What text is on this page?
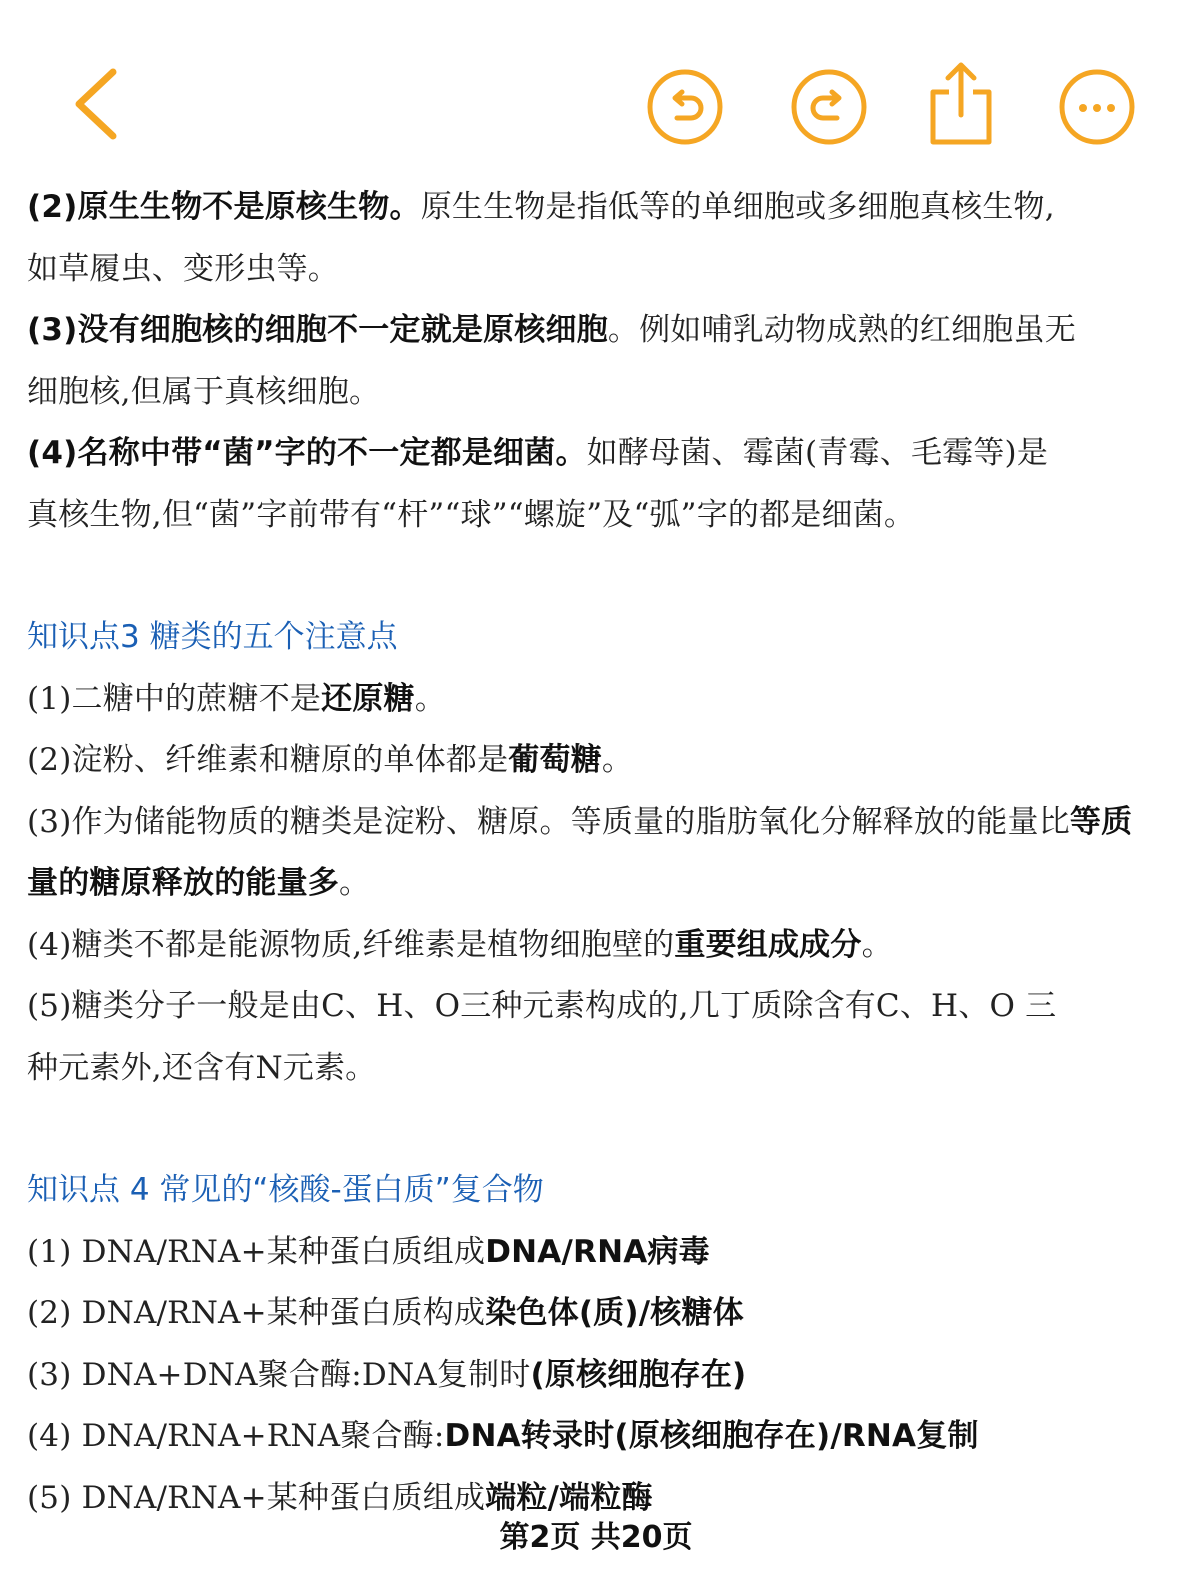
(2)原生生物不是原核生物。原生生物是指低等的单细胞或多细胞真核生物,
如草履虫、变形虫等。
(3)没有细胞核的细胞不一定就是原核细胞。例如哺乳动物成熟的红细胞虽无
细胞核,但属于真核细胞。
(4)名称中带“菌”字的不一定都是细菌。如酵母菌、霉菌(青霉、毛霉等)是
真核生物,但“菌”字前带有“杆”“球”“螺旋”及“弧”字的都是细菌。
知识点3 糖类的五个注意点
(1)二糖中的蔗糖不是还原糖。
(2)淀粉、纤维素和糖原的单体都是葡萄糖。
(3)作为储能物质的糖类是淀粉、糖原。等质量的脂肪氧化分解释放的能量比等质
量的糖原释放的能量多。
(4)糖类不都是能源物质,纤维素是植物细胞壁的重要组成成分。
(5)糖类分子一般是由C、H、O三种元素构成的,几丁质除含有C、H、O 三
种元素外,还含有N元素。
知识点 4 常见的“核酸-蛋白质”复合物
(1) DNA/RNA+某种蛋白质组成DNA/RNA病毒
(2) DNA/RNA+某种蛋白质构成染色体(质)/核糖体
(3) DNA+DNA聚合酶:DNA复制时(原核细胞存在)
(4) DNA/RNA+RNA聚合酶:DNA转录时(原核细胞存在)/RNA复制
(5) DNA/RNA+某种蛋白质组成端粒/端粒酶
第2页 共20页
